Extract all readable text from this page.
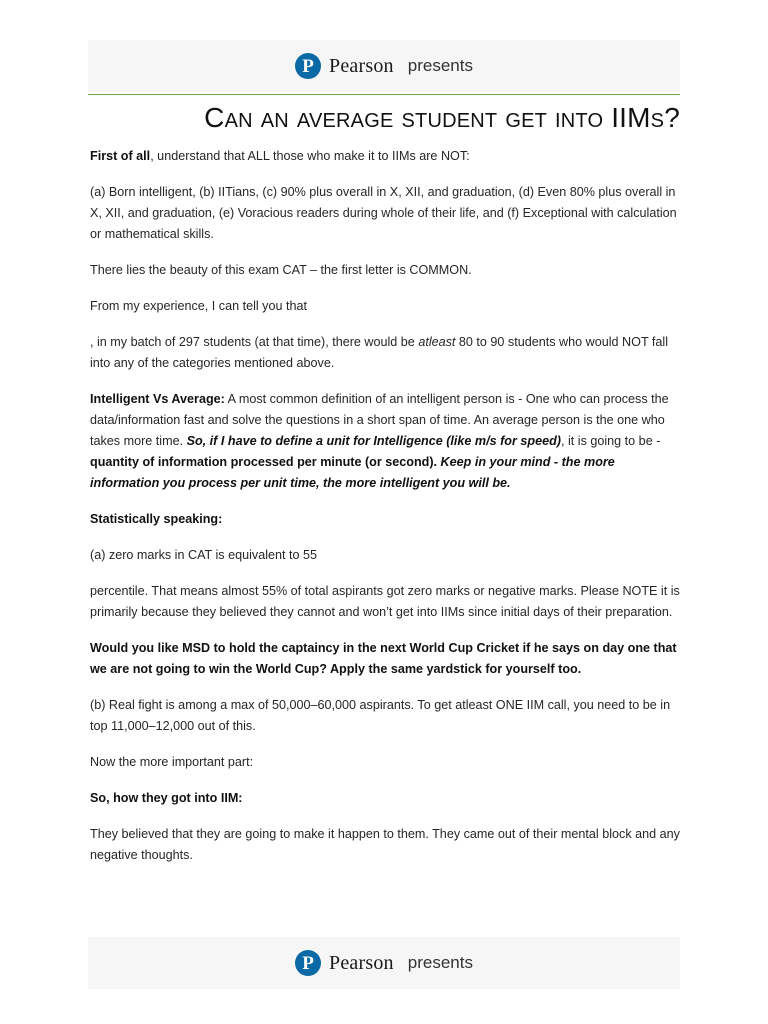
P
Pearson presents
Can an average student get into IIMs?

First of all, understand that ALL those who make it to IIMs are NOT:

(a) Born intelligent, (b) IITians, (c) 90% plus overall in X, XII, and graduation, (d) Even 80% plus overall in X, XII, and graduation, (e) Voracious readers during whole of their life, and (f) Exceptional with calculation or mathematical skills.

There lies the beauty of this exam CAT – the first letter is COMMON.

From my experience, I can tell you that

, in my batch of 297 students (at that time), there would be atleast 80 to 90 students who would NOT fall into any of the categories mentioned above.

Intelligent Vs Average: A most common definition of an intelligent person is - One who can process the data/information fast and solve the questions in a short span of time. An average person is the one who takes more time. So, if I have to define a unit for Intelligence (like m/s for speed), it is going to be - quantity of information processed per minute (or second). Keep in your mind - the more information you process per unit time, the more intelligent you will be.

Statistically speaking:

(a) zero marks in CAT is equivalent to 55

percentile. That means almost 55% of total aspirants got zero marks or negative marks. Please NOTE it is primarily because they believed they cannot and won’t get into IIMs since initial days of their preparation.

Would you like MSD to hold the captaincy in the next World Cup Cricket if he says on day one that we are not going to win the World Cup? Apply the same yardstick for yourself too.

(b) Real fight is among a max of 50,000–60,000 aspirants. To get atleast ONE IIM call, you need to be in top 11,000–12,000 out of this.

Now the more important part:

So, how they got into IIM:

They believed that they are going to make it happen to them. They came out of their mental block and any negative thoughts.

P
Pearson presents
